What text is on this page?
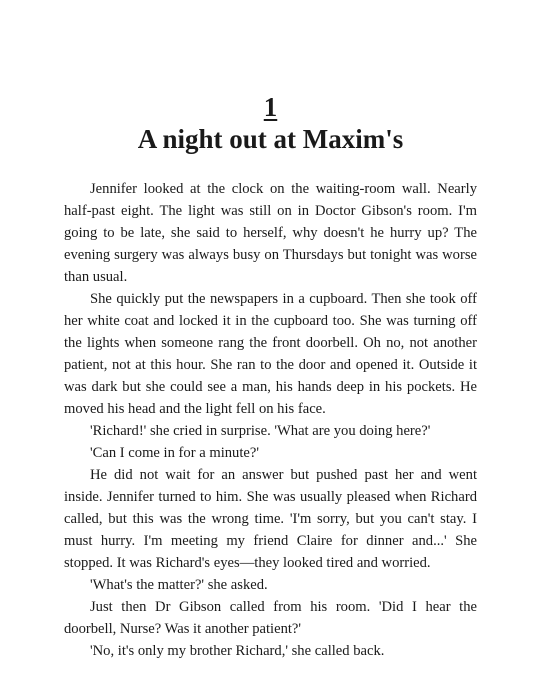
1
A night out at Maxim's

Jennifer looked at the clock on the waiting-room wall. Nearly half-past eight. The light was still on in Doctor Gibson's room. I'm going to be late, she said to herself, why doesn't he hurry up? The evening surgery was always busy on Thursdays but tonight was worse than usual.

She quickly put the newspapers in a cupboard. Then she took off her white coat and locked it in the cupboard too. She was turning off the lights when someone rang the front doorbell. Oh no, not another patient, not at this hour. She ran to the door and opened it. Outside it was dark but she could see a man, his hands deep in his pockets. He moved his head and the light fell on his face.

'Richard!' she cried in surprise. 'What are you doing here?'

'Can I come in for a minute?'

He did not wait for an answer but pushed past her and went inside. Jennifer turned to him. She was usually pleased when Richard called, but this was the wrong time. 'I'm sorry, but you can't stay. I must hurry. I'm meeting my friend Claire for dinner and...' She stopped. It was Richard's eyes—they looked tired and worried.

'What's the matter?' she asked.

Just then Dr Gibson called from his room. 'Did I hear the doorbell, Nurse? Was it another patient?'

'No, it's only my brother Richard,' she called back.
